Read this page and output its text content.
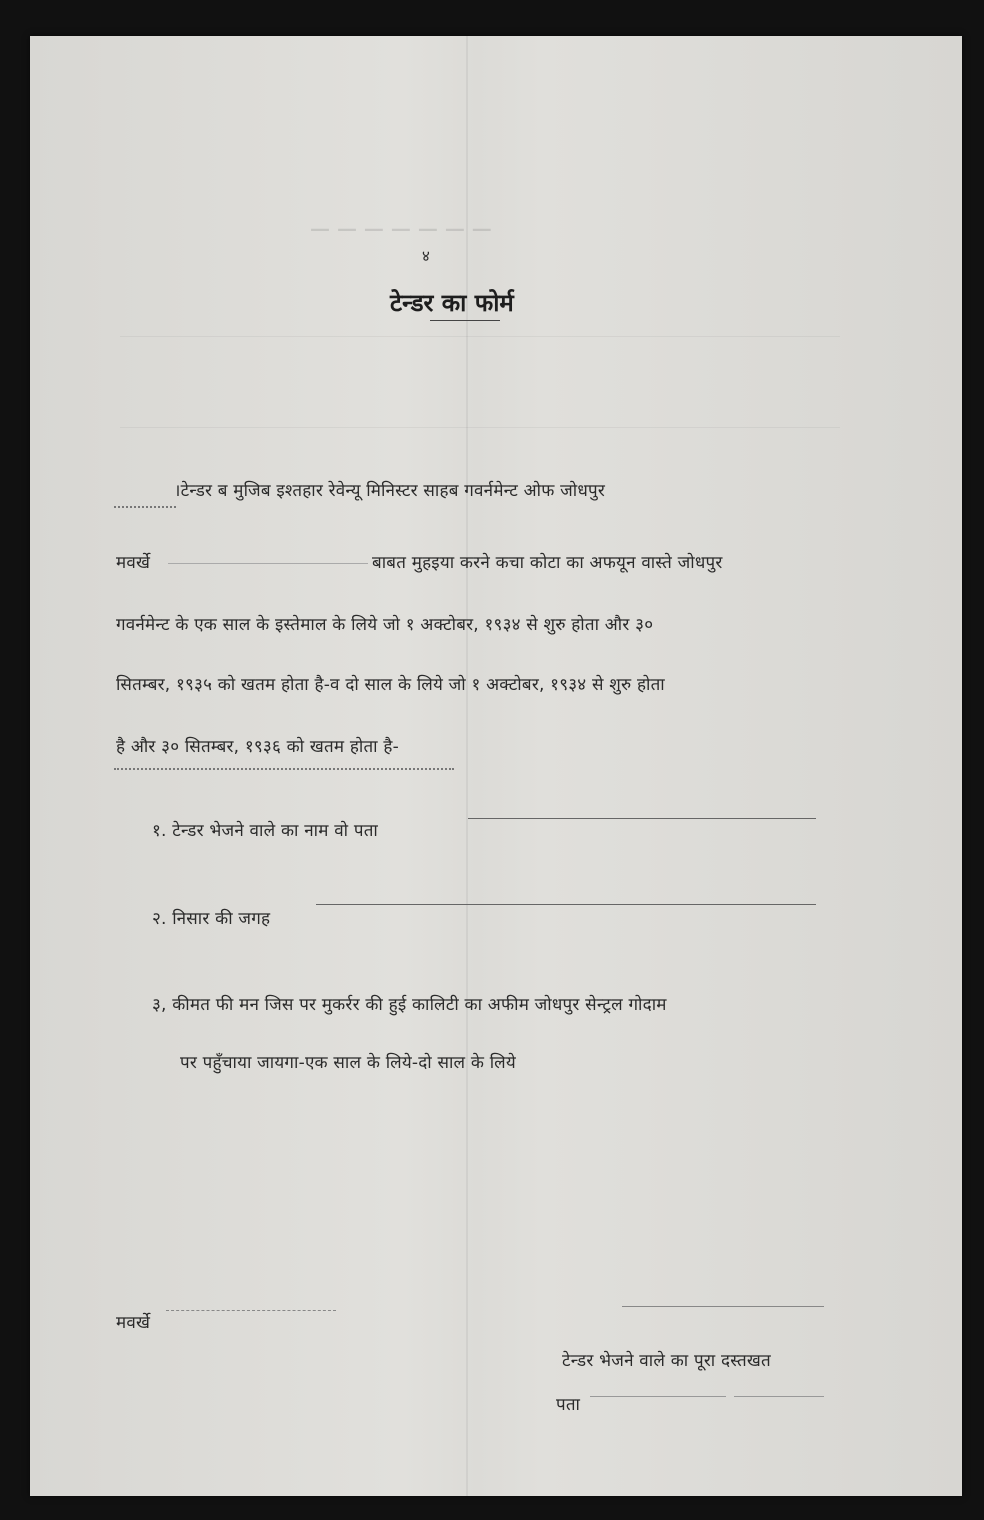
— — — — — — —
४
टेन्डर का फोर्म
।टेन्डर ब मुजिब इश्तहार रेवेन्यू मिनिस्टर साहब गवर्नमेन्ट ओफ जोधपुर
मवर्खे	बाबत मुहइया करने कचा कोटा का अफयून वास्ते जोधपुर
गवर्नमेन्ट के एक साल के इस्तेमाल के लिये जो १ अक्टोबर, १९३४ से शुरु होता और ३०
सितम्बर, १९३५ को खतम होता है-व दो साल के लिये जो १ अक्टोबर, १९३४ से शुरु होता
है और ३० सितम्बर, १९३६ को खतम होता है-
१. टेन्डर भेजने वाले का नाम वो पता
२. निसार की जगह
३, कीमत फी मन जिस पर मुकर्रर की हुई कालिटी का अफीम जोधपुर सेन्ट्रल गोदाम
पर पहुँचाया जायगा-एक साल के लिये-दो साल के लिये
मवर्खे
टेन्डर भेजने वाले का पूरा दस्तखत
पता
